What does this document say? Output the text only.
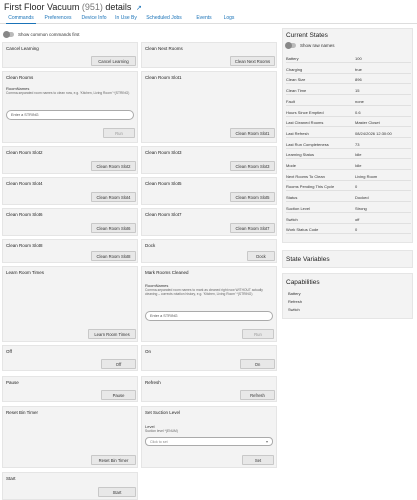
First Floor Vacuum (951) details ↗
Commands	Preferences	Device Info	In Use By Scheduled Jobs	Events	Logs
Show common commands first
Cancel Learning
Cancel Learning
Clean Next Rooms
Clean Next Rooms
Clean Rooms
RoomNames
Comma-separated room names to clean now, e.g. 'Kitchen, Living Room' *(STRING)
Enter a STRING
Run
Clean Room Slot1
Clean Room Slot1
Clean Room Slot2
Clean Room Slot2
Clean Room Slot3
Clean Room Slot3
Clean Room Slot4
Clean Room Slot4
Clean Room Slot5
Clean Room Slot5
Clean Room Slot6
Clean Room Slot6
Clean Room Slot7
Clean Room Slot7
Clean Room Slot8
Clean Room Slot8
Dock
Dock
Learn Room Times
Learn Room Times
Mark Rooms Cleaned
RoomNames
Comma-separated room names to mark as cleaned right now WITHOUT actually cleaning – corrects rotation history, e.g. 'Kitchen, Living Room' *(STRING)
Enter a STRING
Run
Off
Off
On
On
Pause
Pause
Refresh
Refresh
Reset Bin Timer
Reset Bin Timer
Set Suction Level
Level
Suction level *(ENUM)
Click to set	▾
Set
Start
Start
Current States
Show raw names
Battery	100
Charging	true
Clean Size	896
Clean Time	15
Fault	none
Hours Since Emptied	0.6
Last Cleaned Rooms	Master Closet
Last Refresh	08/24/2026 12:30:00
Last Run Completeness	73
Learning Status	Idle
Mode	Idle
Next Rooms To Clean	Living Room
Rooms Pending This Cycle	0
Status	Docked
Suction Level	Strong
Switch	off
Work Status Code	0
State Variables
Capabilities
Battery
Refresh
Switch
